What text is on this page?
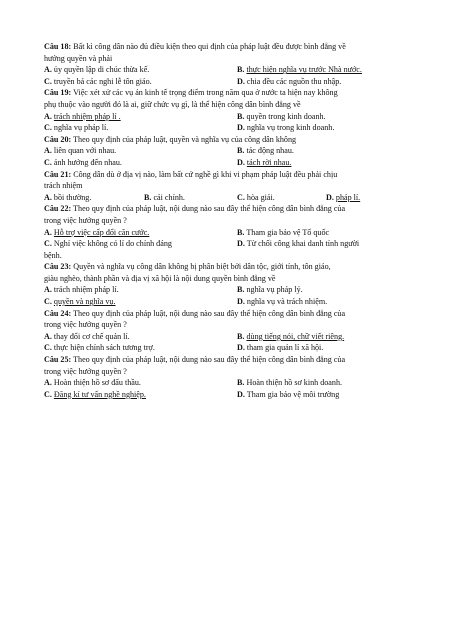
Câu 18: Bất kì công dân nào đủ điều kiện theo qui định của pháp luật đều được bình đẳng về
hưởng quyền và phải
A. ủy quyền lập di chúc thừa kế.	B. thực hiện nghĩa vụ trước Nhà nước.
C. truyền bá các nghi lễ tôn giáo.	D. chia đều các nguồn thu nhập.
Câu 19: Việc xét xử các vụ án kinh tế trọng điểm trong năm qua ở nước ta hiện nay không
phụ thuộc vào người đó là ai, giữ chức vụ gì, là thể hiện công dân bình đẳng về
A. trách nhiệm pháp lí .	B. quyền trong kinh doanh.
C. nghĩa vụ pháp lí.	D. nghĩa vụ trong kinh doanh.
Câu 20: Theo quy định của pháp luật, quyền và nghĩa vụ của công dân không
A. liên quan với nhau.	B. tác động nhau.
C. ảnh hưởng đến nhau.	D. tách rời nhau.
Câu 21: Công dân dù ở địa vị nào, làm bất cứ nghề gì khi vi phạm pháp luật đều phải chịu
trách nhiệm
A. bồi thường.	B. cải chính.	C. hòa giải.	D. pháp lí.
Câu 22: Theo quy định của pháp luật, nội dung nào sau đây thể hiện công dân bình đẳng của
trong việc hưởng quyền ?
A. Hỗ trợ việc cấp đổi căn cước.	B. Tham gia bảo vệ Tổ quốc
C. Nghỉ việc không có lí do chính đáng	D. Từ chối công khai danh tính người
bệnh.
Câu 23: Quyền và nghĩa vụ công dân không bị phân biệt bởi dân tộc, giới tính, tôn giáo,
giàu nghèo, thành phần và địa vị xã hội là nội dung quyền bình đẳng về
A. trách nhiệm pháp lí.	B. nghĩa vụ pháp lý.
C. quyền và nghĩa vụ.	D. nghĩa vụ và trách nhiệm.
Câu 24: Theo quy định của pháp luật, nội dung nào sau đây thể hiện công dân bình đẳng của
trong việc hưởng quyền ?
A. thay đổi cơ chế quản lí.	B. dùng tiếng nói, chữ viết riêng.
C. thực hiện chính sách tương trợ.	D. tham gia quản lí xã hội.
Câu 25: Theo quy định của pháp luật, nội dung nào sau đây thể hiện công dân bình đẳng của
trong việc hưởng quyền ?
A. Hoàn thiện hồ sơ đấu thầu.	B. Hoàn thiện hồ sơ kinh doanh.
C. Đăng kí tư vấn nghề nghiệp.	D. Tham gia bảo vệ môi trường
